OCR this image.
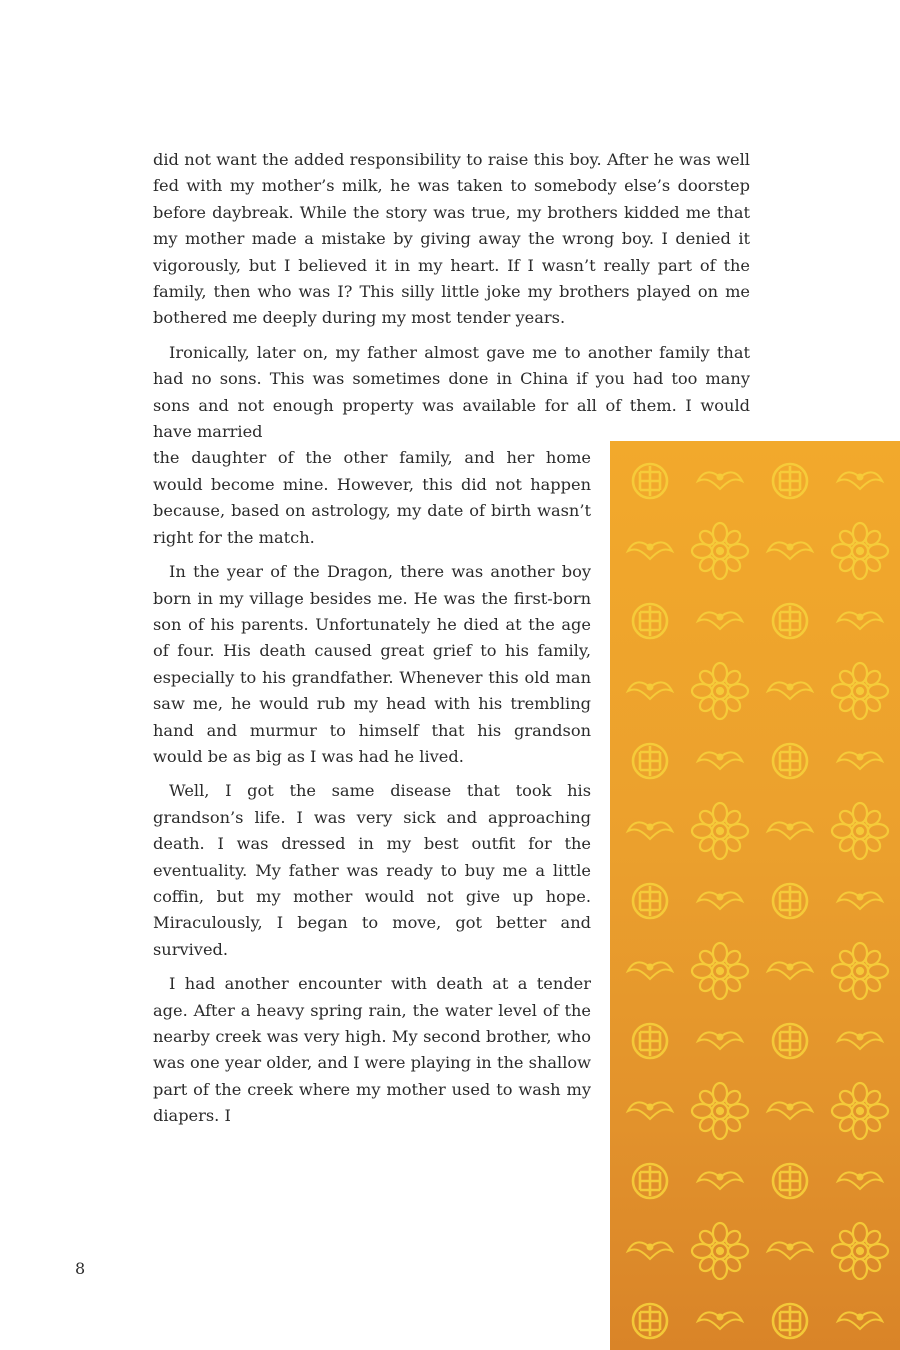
did not want the added responsibility to raise this boy. After he was well fed with my mother’s milk, he was taken to somebody else’s doorstep before daybreak. While the story was true, my brothers kidded me that my mother made a mistake by giving away the wrong boy. I denied it vigorously, but I believed it in my heart. If I wasn’t really part of the family, then who was I? This silly little joke my brothers played on me bothered me deeply during my most tender years.

Ironically, later on, my father almost gave me to another family that had no sons. This was sometimes done in China if you had too many sons and not enough property was available for all of them. I would have married

the daughter of the other family, and her home would become mine. However, this did not happen because, based on astrology, my date of birth wasn’t right for the match.

In the year of the Dragon, there was another boy born in my village besides me. He was the first-born son of his parents. Unfortunately he died at the age of four. His death caused great grief to his family, especially to his grandfather. Whenever this old man saw me, he would rub my head with his trembling hand and murmur to himself that his grandson would be as big as I was had he lived.

Well, I got the same disease that took his grandson’s life. I was very sick and approaching death. I was dressed in my best outfit for the eventuality. My father was ready to buy me a little coffin, but my mother would not give up hope. Miraculously, I began to move, got better and survived.

I had another encounter with death at a tender age. After a heavy spring rain, the water level of the nearby creek was very high. My second brother, who was one year older, and I were playing in the shallow part of the creek where my mother used to wash my diapers. I

8
